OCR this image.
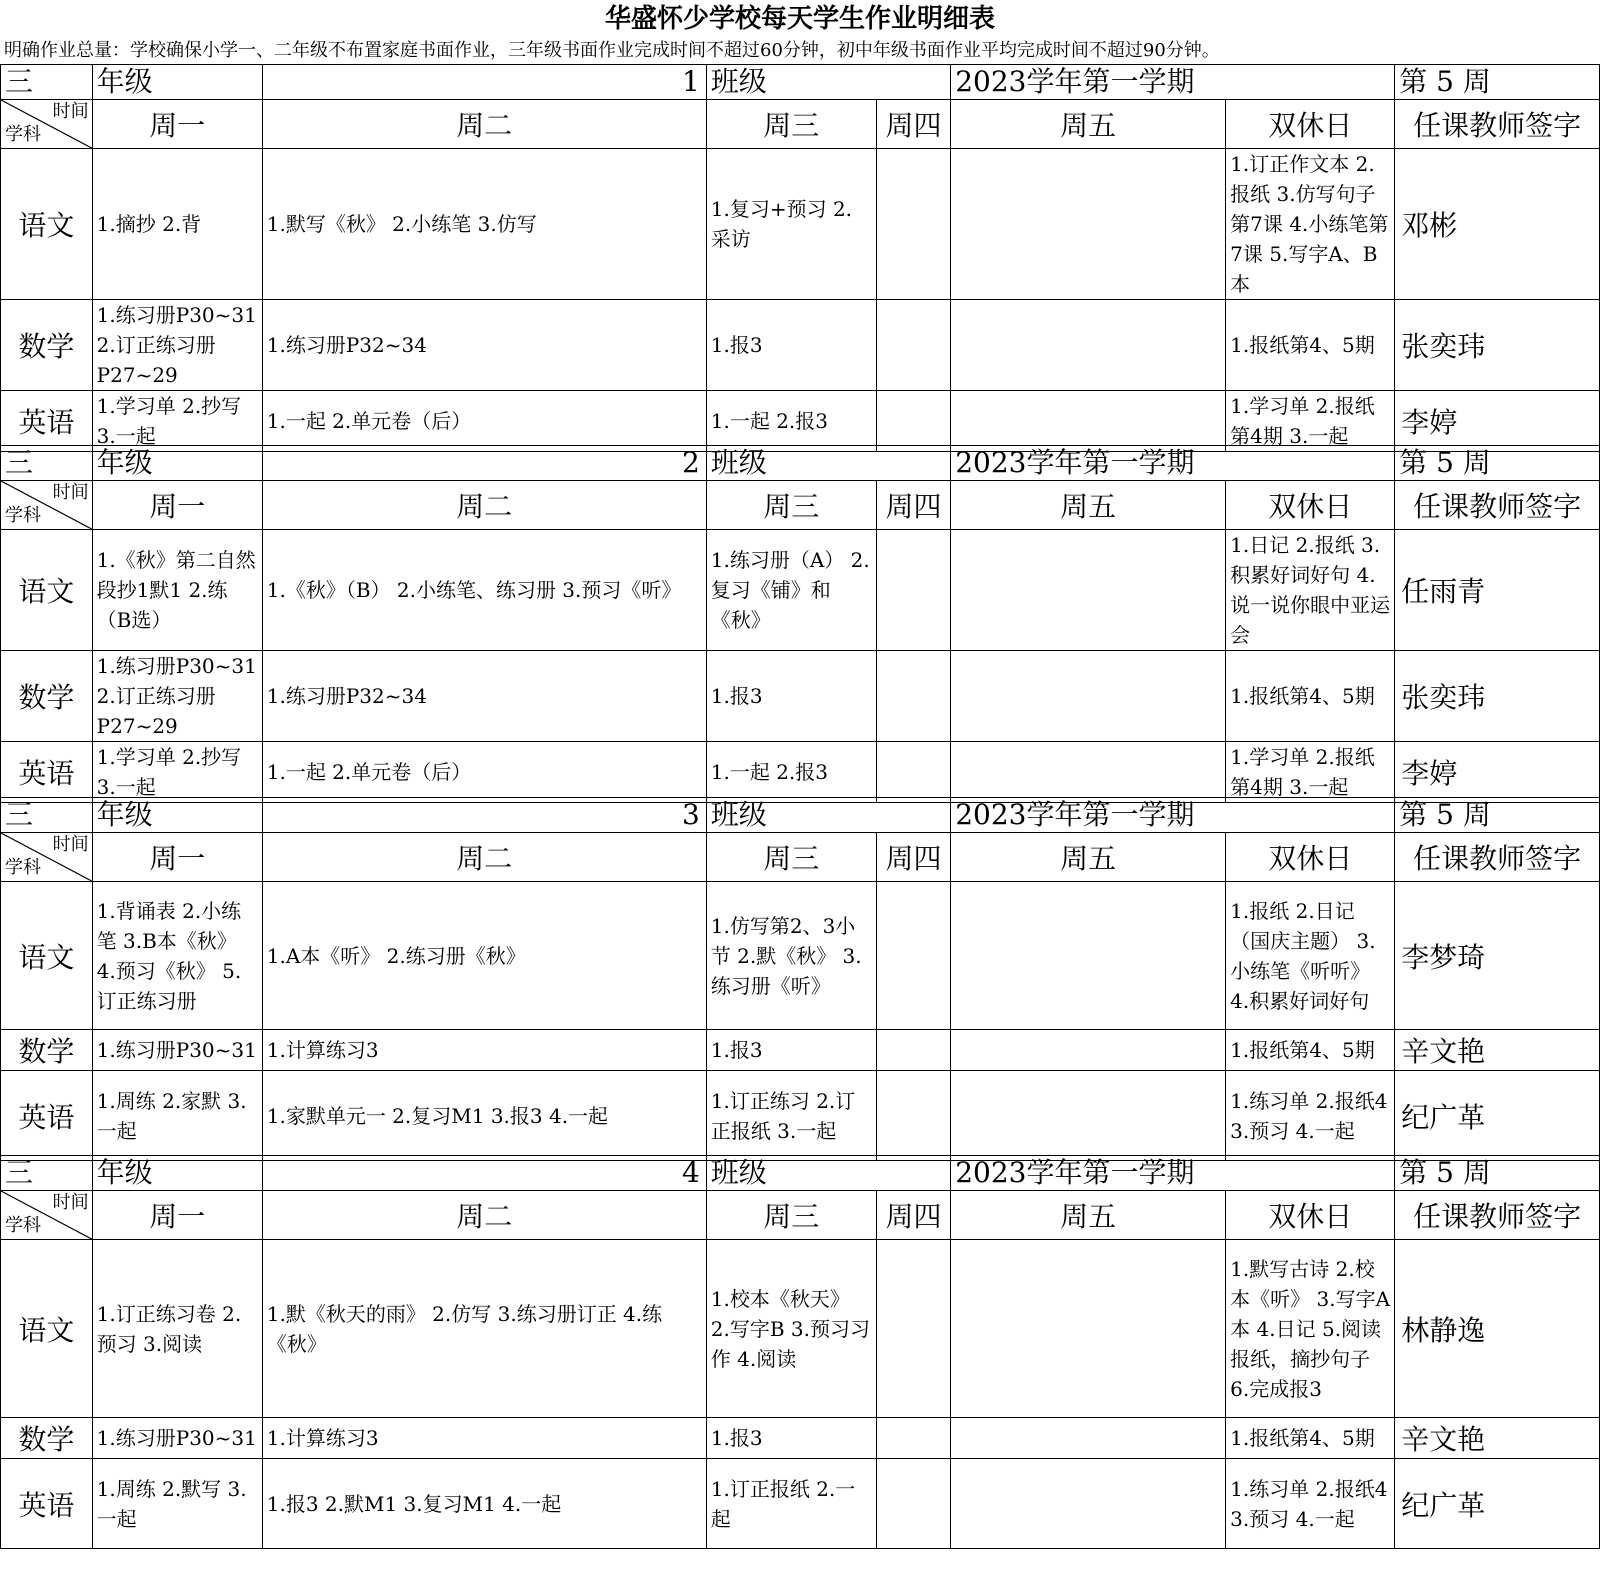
华盛怀少学校每天学生作业明细表
明确作业总量：学校确保小学一、二年级不布置家庭书面作业，三年级书面作业完成时间不超过60分钟，初中年级书面作业平均完成时间不超过90分钟。
三	年级	1	班级		2023学年第一学期		第 5 周

时间
学科	周一	周二	周三	周四	周五	双休日	任课教师签字
语文	1.摘抄 2.背	1.默写《秋》 2.小练笔 3.仿写	1.复习+预习 2.采访			1.订正作文本 2.报纸 3.仿写句子第7课 4.小练笔第7课 5.写字A、B本	邓彬
数学	1.练习册P30~31 2.订正练习册P27~29	1.练习册P32~34	1.报3			1.报纸第4、5期	张奕玮
英语	1.学习单 2.抄写 3.一起	1.一起 2.单元卷（后）	1.一起 2.报3			1.学习单 2.报纸第4期 3.一起	李婷
三	年级	2	班级		2023学年第一学期		第 5 周

时间
学科	周一	周二	周三	周四	周五	双休日	任课教师签字
语文	1.《秋》第二自然段抄1默1 2.练（B选）	1.《秋》（B） 2.小练笔、练习册 3.预习《听》	1.练习册（A） 2.复习《铺》和《秋》			1.日记 2.报纸 3.积累好词好句 4.说一说你眼中亚运会	任雨青
数学	1.练习册P30~31 2.订正练习册P27~29	1.练习册P32~34	1.报3			1.报纸第4、5期	张奕玮
英语	1.学习单 2.抄写 3.一起	1.一起 2.单元卷（后）	1.一起 2.报3			1.学习单 2.报纸第4期 3.一起	李婷
三	年级	3	班级		2023学年第一学期		第 5 周

时间
学科	周一	周二	周三	周四	周五	双休日	任课教师签字
语文	1.背诵表 2.小练笔 3.B本《秋》 4.预习《秋》 5.订正练习册	1.A本《听》 2.练习册《秋》	1.仿写第2、3小节 2.默《秋》 3.练习册《听》			1.报纸 2.日记（国庆主题） 3.小练笔《听听》 4.积累好词好句	李梦琦
数学	1.练习册P30~31	1.计算练习3	1.报3			1.报纸第4、5期	辛文艳
英语	1.周练 2.家默 3.一起	1.家默单元一 2.复习M1 3.报3 4.一起	1.订正练习 2.订正报纸 3.一起			1.练习单 2.报纸4 3.预习 4.一起	纪广革
三	年级	4	班级		2023学年第一学期		第 5 周

时间
学科	周一	周二	周三	周四	周五	双休日	任课教师签字
语文	1.订正练习卷 2.预习 3.阅读	1.默《秋天的雨》 2.仿写 3.练习册订正 4.练《秋》	1.校本《秋天》 2.写字B 3.预习习作 4.阅读			1.默写古诗 2.校本《听》 3.写字A本 4.日记 5.阅读报纸，摘抄句子 6.完成报3	林静逸
数学	1.练习册P30~31	1.计算练习3	1.报3			1.报纸第4、5期	辛文艳
英语	1.周练 2.默写 3.一起	1.报3 2.默M1 3.复习M1 4.一起	1.订正报纸 2.一起			1.练习单 2.报纸4 3.预习 4.一起	纪广革
